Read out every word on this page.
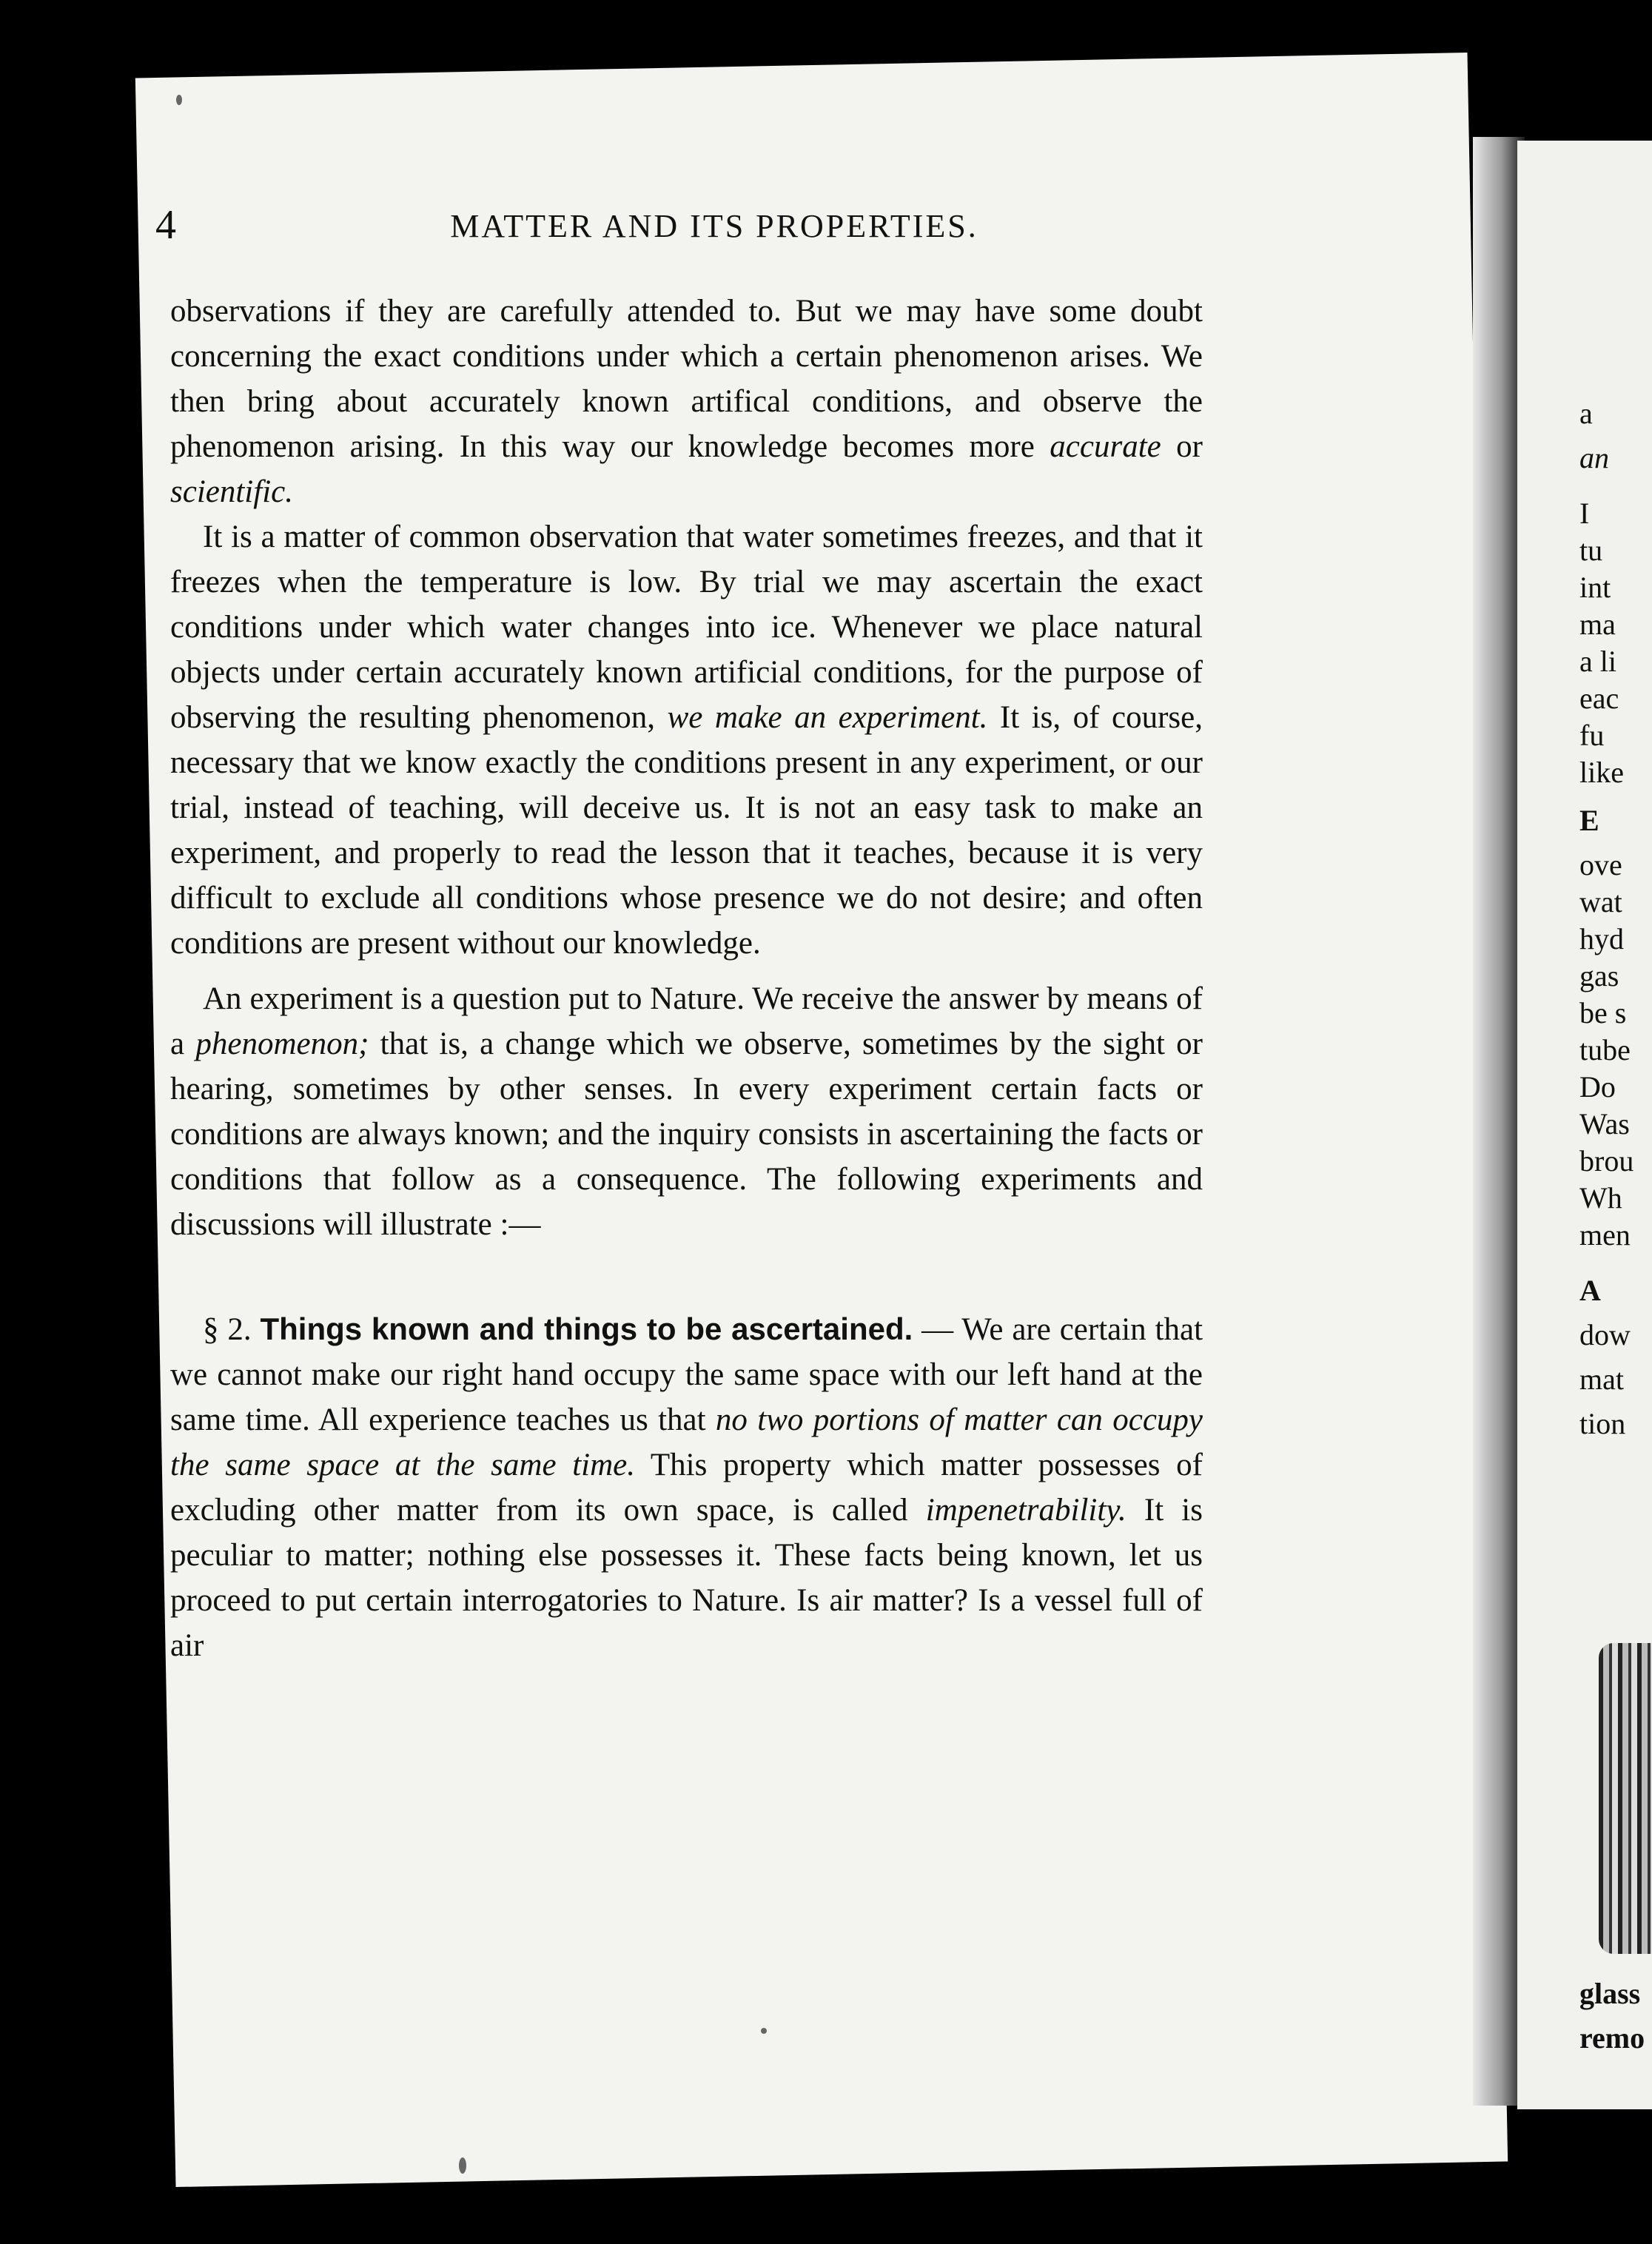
a
an
I
tu
int
ma
a li
eac
fu
like
E
ove
wat
hyd
gas
be s
tube
Do
Was
brou
Wh
men
A
dow
mat
tion
glass
remo
4	MATTER AND ITS PROPERTIES.

observations if they are carefully attended to. But we may have some doubt concerning the exact conditions under which a certain phenomenon arises. We then bring about accurately known artifical conditions, and observe the phenomenon arising. In this way our knowledge becomes more accurate or scientific.

It is a matter of common observation that water sometimes freezes, and that it freezes when the temperature is low. By trial we may ascertain the exact conditions under which water changes into ice. Whenever we place natural objects under certain accurately known artificial conditions, for the purpose of observing the resulting phenomenon, we make an experiment. It is, of course, necessary that we know exactly the conditions present in any experiment, or our trial, instead of teaching, will deceive us. It is not an easy task to make an experiment, and properly to read the lesson that it teaches, because it is very difficult to exclude all conditions whose presence we do not desire; and often conditions are present without our knowledge.

An experiment is a question put to Nature. We receive the answer by means of a phenomenon; that is, a change which we observe, sometimes by the sight or hearing, sometimes by other senses. In every experiment certain facts or conditions are always known; and the inquiry consists in ascertaining the facts or conditions that follow as a consequence. The following experiments and discussions will illustrate :—

§ 2. Things known and things to be ascertained. — We are certain that we cannot make our right hand occupy the same space with our left hand at the same time. All experience teaches us that no two portions of matter can occupy the same space at the same time. This property which matter possesses of excluding other matter from its own space, is called impenetrability. It is peculiar to matter; nothing else possesses it. These facts being known, let us proceed to put certain interrogatories to Nature. Is air matter? Is a vessel full of air
